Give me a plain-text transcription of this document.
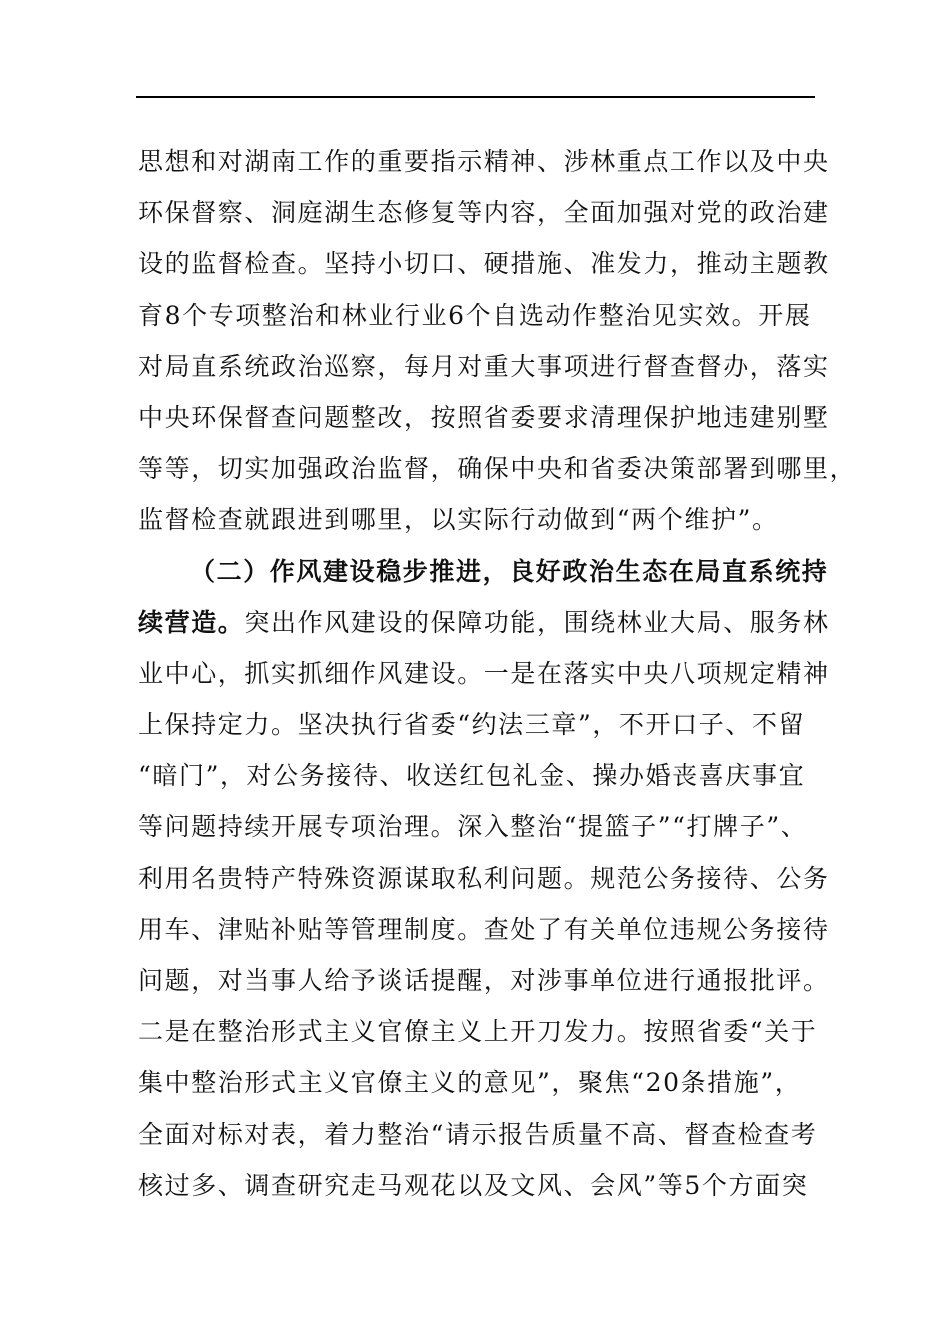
思想和对湖南工作的重要指示精神、涉林重点工作以及中央
环保督察、洞庭湖生态修复等内容，全面加强对党的政治建
设的监督检查。坚持小切口、硬措施、准发力，推动主题教
育8个专项整治和林业行业6个自选动作整治见实效。开展
对局直系统政治巡察，每月对重大事项进行督查督办，落实
中央环保督查问题整改，按照省委要求清理保护地违建别墅
等等，切实加强政治监督，确保中央和省委决策部署到哪里，
监督检查就跟进到哪里，以实际行动做到“两个维护”。
（二）作风建设稳步推进，良好政治生态在局直系统持
续营造。突出作风建设的保障功能，围绕林业大局、服务林
业中心，抓实抓细作风建设。一是在落实中央八项规定精神
上保持定力。坚决执行省委“约法三章”，不开口子、不留
“暗门”，对公务接待、收送红包礼金、操办婚丧喜庆事宜
等问题持续开展专项治理。深入整治“提篮子”“打牌子”、
利用名贵特产特殊资源谋取私利问题。规范公务接待、公务
用车、津贴补贴等管理制度。查处了有关单位违规公务接待
问题，对当事人给予谈话提醒，对涉事单位进行通报批评。
二是在整治形式主义官僚主义上开刀发力。按照省委“关于
集中整治形式主义官僚主义的意见”，聚焦“20条措施”，
全面对标对表，着力整治“请示报告质量不高、督查检查考
核过多、调查研究走马观花以及文风、会风”等5个方面突
